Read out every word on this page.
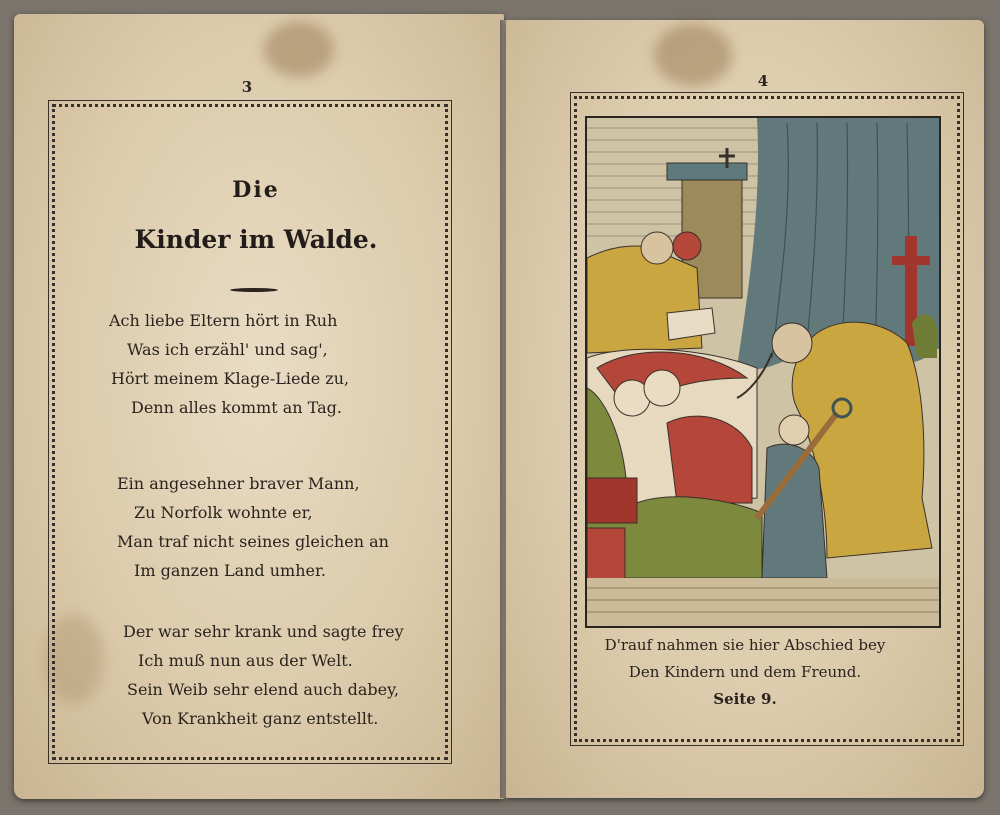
3
Die
Kinder im Walde.
Ach liebe Eltern hört in Ruh
Was ich erzähl' und sag',
Hört meinem Klage-Liede zu,
Denn alles kommt an Tag.
Ein angesehner braver Mann,
Zu Norfolk wohnte er,
Man traf nicht seines gleichen an
Im ganzen Land umher.
Der war sehr krank und sagte frey
Ich muß nun aus der Welt.
Sein Weib sehr elend auch dabey,
Von Krankheit ganz entstellt.
4
D'rauf nahmen sie hier Abschied bey
Den Kindern und dem Freund.
Seite 9.
